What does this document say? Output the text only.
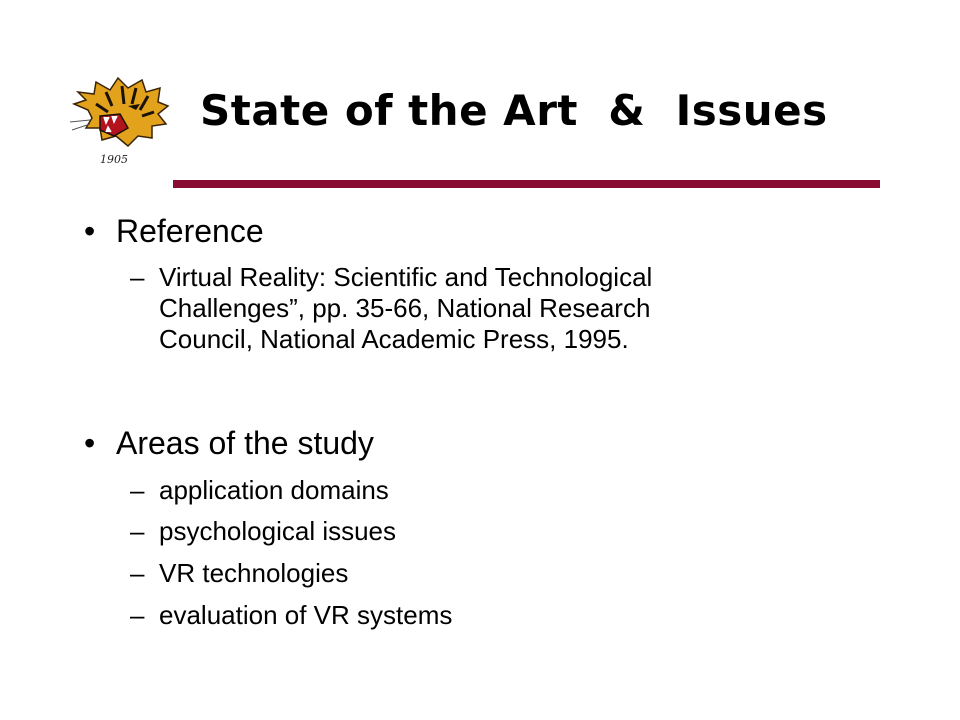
1905
State of the Art  &  Issues
• Reference
– Virtual Reality: Scientific and Technological
Challenges”, pp. 35-66, National Research
Council, National Academic Press, 1995.
• Areas of the study
– application domains
– psychological issues
– VR technologies
– evaluation of VR systems
